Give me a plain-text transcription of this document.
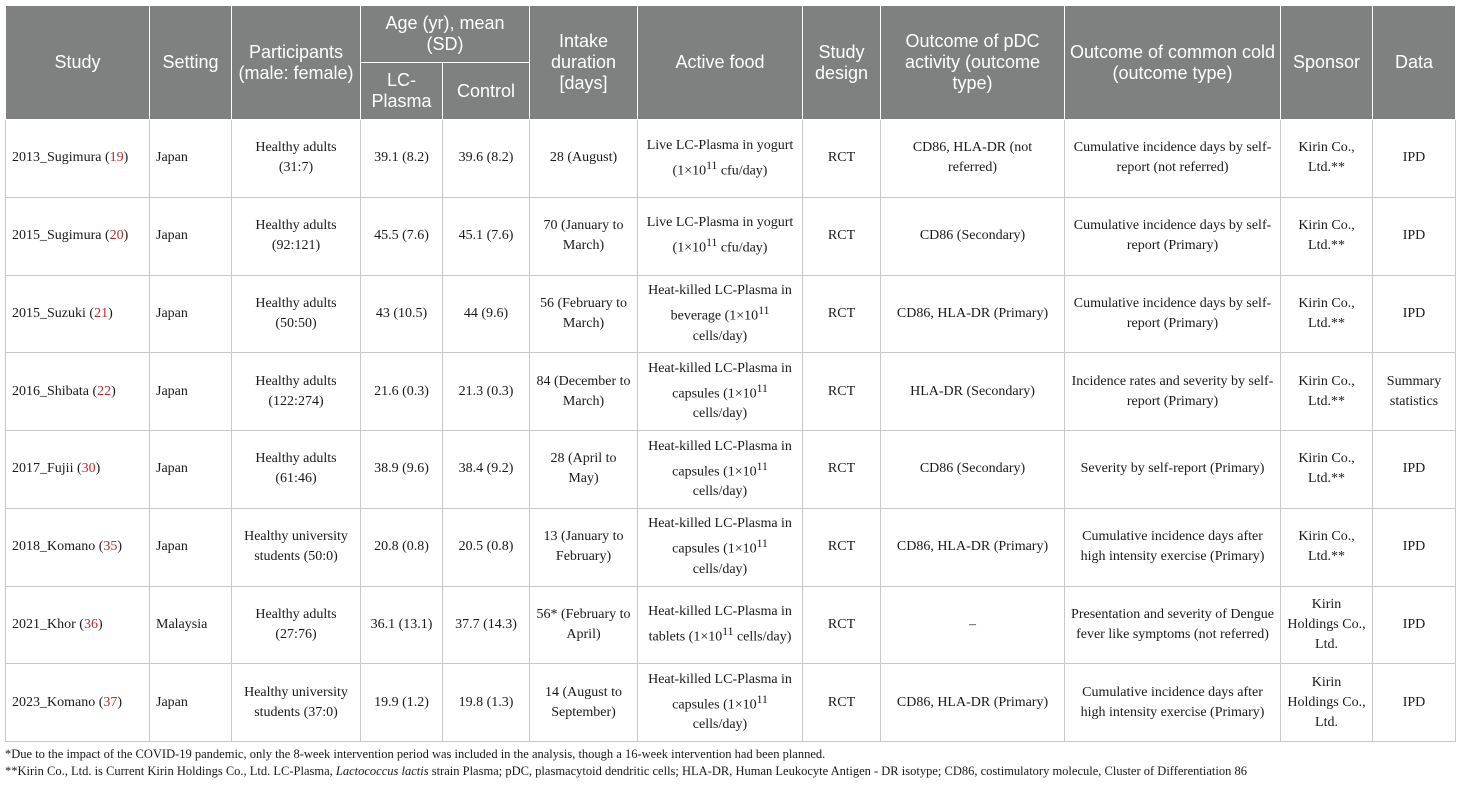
Study	Setting	Participants (male: female)	Age (yr), mean (SD)		Intake duration [days]	Active food	Study design	Outcome of pDC activity (outcome type)	Outcome of common cold (outcome type)	Sponsor	Data
			LC-Plasma	Control							
2013_Sugimura (19)	Japan	Healthy adults (31:7)	39.1 (8.2)	39.6 (8.2)	28 (August)	Live LC-Plasma in yogurt ($1\times 10^{11}$ cfu/day)	RCT	CD86, HLA-DR (not referred)	Cumulative incidence days by self-report (not referred)	Kirin Co., Ltd.**	IPD
2015_Sugimura (20)	Japan	Healthy adults (92:121)	45.5 (7.6)	45.1 (7.6)	70 (January to March)	Live LC-Plasma in yogurt ($1\times 10^{11}$ cfu/day)	RCT	CD86 (Secondary)	Cumulative incidence days by self-report (Primary)	Kirin Co., Ltd.**	IPD
2015_Suzuki (21)	Japan	Healthy adults (50:50)	43 (10.5)	44 (9.6)	56 (February to March)	Heat-killed LC-Plasma in beverage ($1\times 10^{11}$ cells/day)	RCT	CD86, HLA-DR (Primary)	Cumulative incidence days by self-report (Primary)	Kirin Co., Ltd.**	IPD
2016_Shibata (22)	Japan	Healthy adults (122:274)	21.6 (0.3)	21.3 (0.3)	84 (December to March)	Heat-killed LC-Plasma in capsules ($1\times 10^{11}$ cells/day)	RCT	HLA-DR (Secondary)	Incidence rates and severity by self-report (Primary)	Kirin Co., Ltd.**	Summary statistics
2017_Fujii (30)	Japan	Healthy adults (61:46)	38.9 (9.6)	38.4 (9.2)	28 (April to May)	Heat-killed LC-Plasma in capsules ($1\times 10^{11}$ cells/day)	RCT	CD86 (Secondary)	Severity by self-report (Primary)	Kirin Co., Ltd.**	IPD
2018_Komano (35)	Japan	Healthy university students (50:0)	20.8 (0.8)	20.5 (0.8)	13 (January to February)	Heat-killed LC-Plasma in capsules ($1\times 10^{11}$ cells/day)	RCT	CD86, HLA-DR (Primary)	Cumulative incidence days after high intensity exercise (Primary)	Kirin Co., Ltd.**	IPD
2021_Khor (36)	Malaysia	Healthy adults (27:76)	36.1 (13.1)	37.7 (14.3)	56* (February to April)	Heat-killed LC-Plasma in tablets ($1\times 10^{11}$ cells/day)	RCT	–	Presentation and severity of Dengue fever like symptoms (not referred)	Kirin Holdings Co., Ltd.	IPD
2023_Komano (37)	Japan	Healthy university students (37:0)	19.9 (1.2)	19.8 (1.3)	14 (August to September)	Heat-killed LC-Plasma in capsules ($1\times 10^{11}$ cells/day)	RCT	CD86, HLA-DR (Primary)	Cumulative incidence days after high intensity exercise (Primary)	Kirin Holdings Co., Ltd.	IPD

*Due to the impact of the COVID-19 pandemic, only the 8-week intervention period was included in the analysis, though a 16-week intervention had been planned.

**Kirin Co., Ltd. is Current Kirin Holdings Co., Ltd. LC-Plasma, Lactococcus lactis strain Plasma; pDC, plasmacytoid dendritic cells; HLA-DR, Human Leukocyte Antigen - DR isotype; CD86, costimulatory molecule, Cluster of Differentiation 86
